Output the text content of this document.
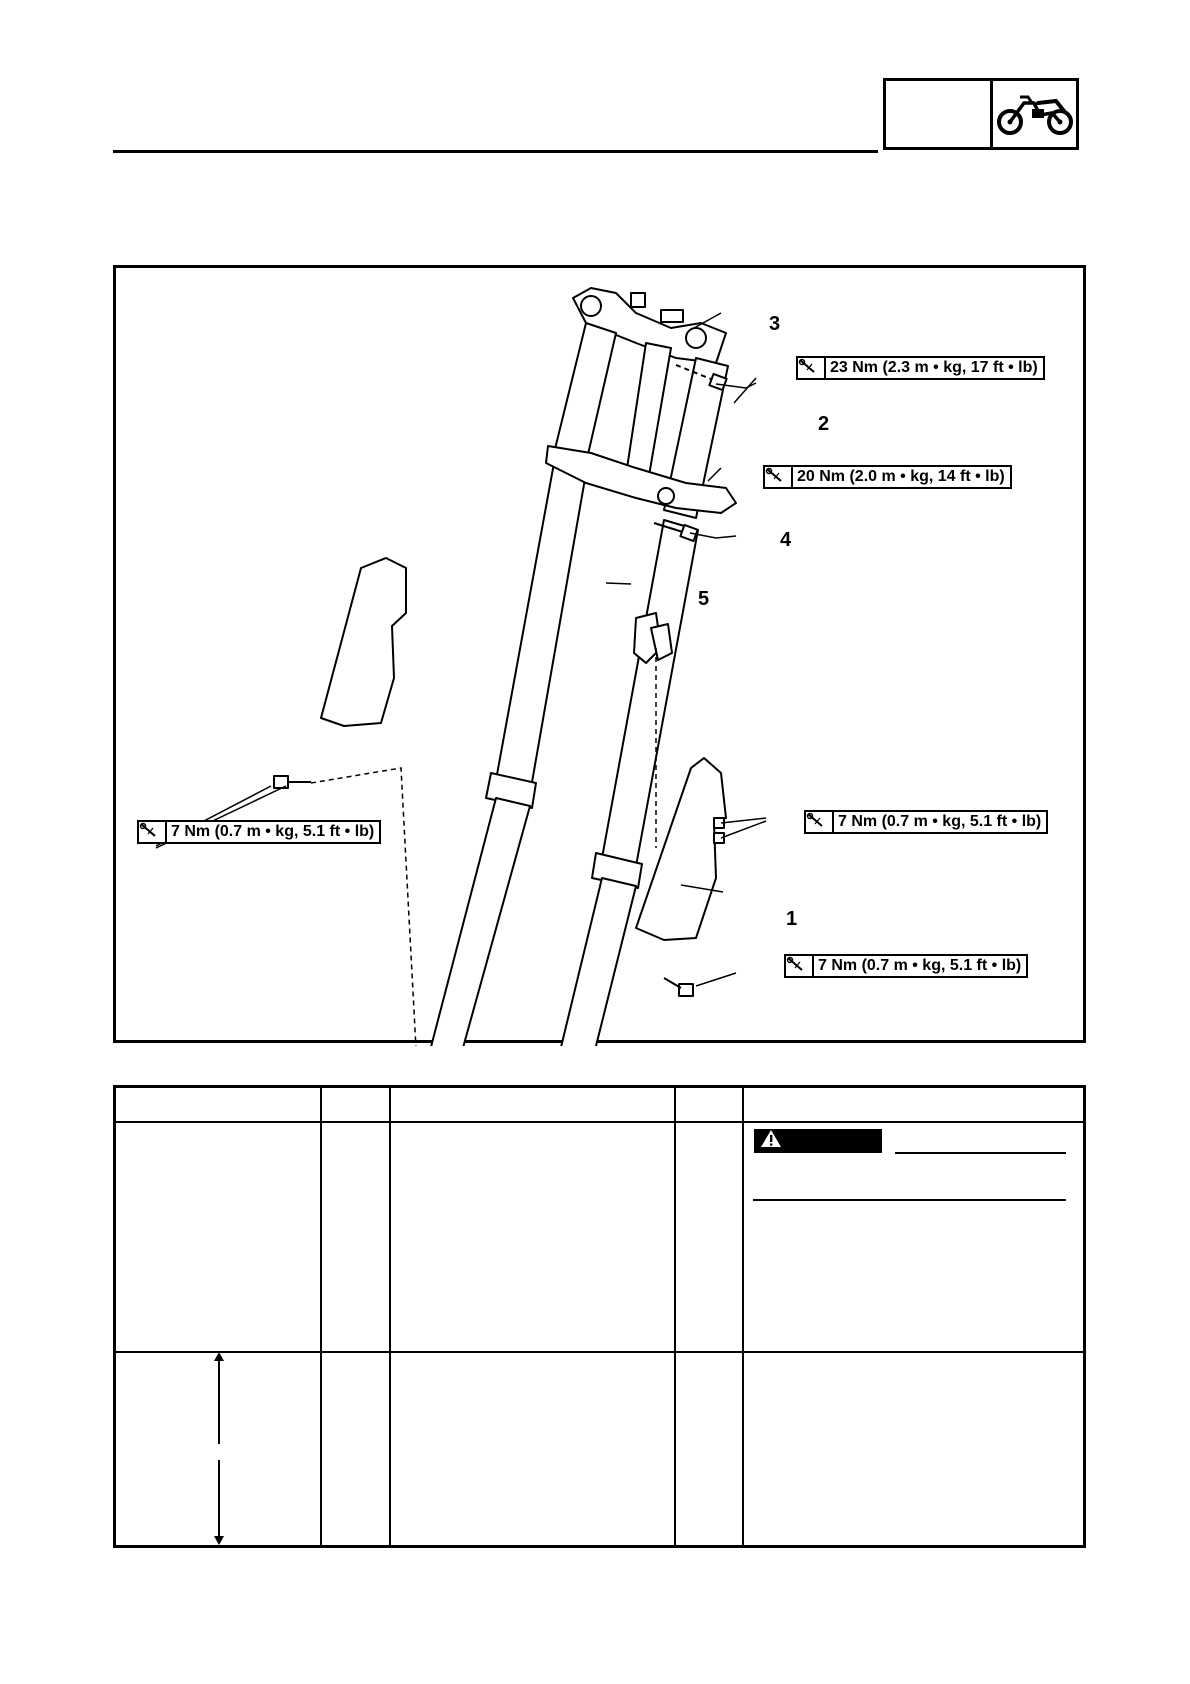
3
2
4
5
1
23 Nm (2.3 m • kg, 17 ft • lb)
20 Nm (2.0 m • kg, 14 ft • lb)
7 Nm (0.7 m • kg, 5.1 ft • lb)
7 Nm (0.7 m • kg, 5.1 ft • lb)
7 Nm (0.7 m • kg, 5.1 ft • lb)
